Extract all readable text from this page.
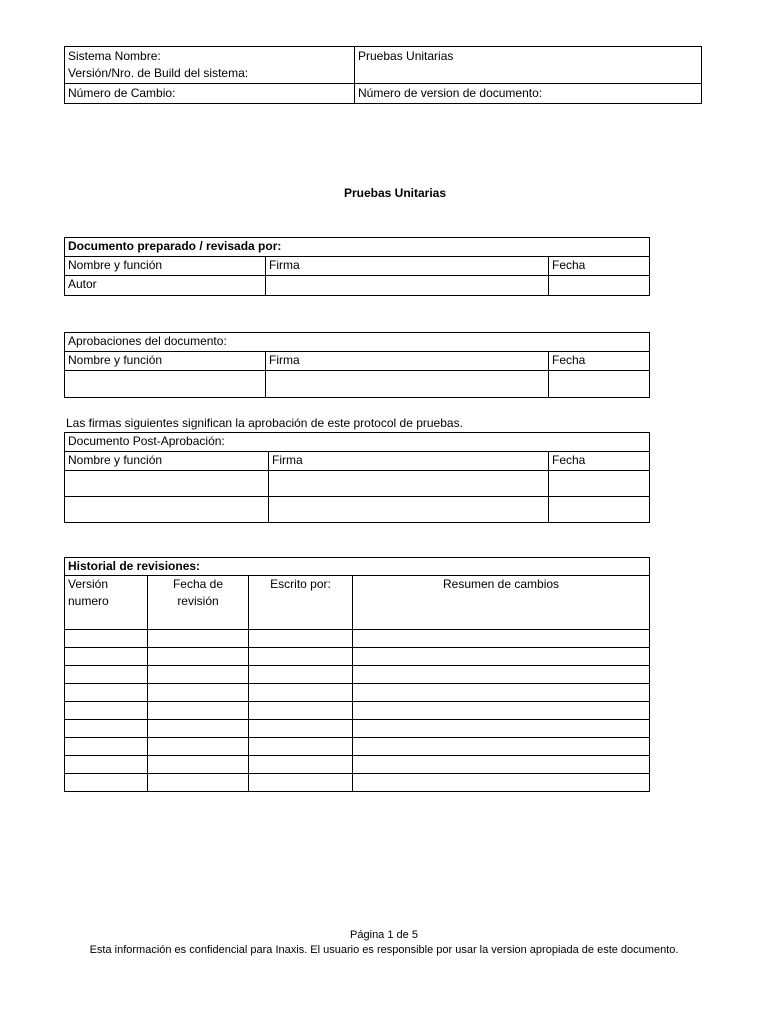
Sistema Nombre:
Versión/Nro. de Build del sistema:	Pruebas Unitarias
Número de Cambio:	Número de version de documento:
Pruebas Unitarias
Documento preparado / revisada por:		
Nombre y función	Firma	Fecha
Autor		
Aprobaciones del documento:		
Nombre y función	Firma	Fecha

Las firmas siguientes significan la aprobación de este protocol de pruebas.
Documento Post-Aprobación:		
Nombre y función	Firma	Fecha

Historial de revisiones:			
Versión numero	Fecha de revisión	Escrito por:	Resumen de cambios

Página 1 de 5
Esta información es confidencial para Inaxis. El usuario es responsible por usar la version apropiada de este documento.
